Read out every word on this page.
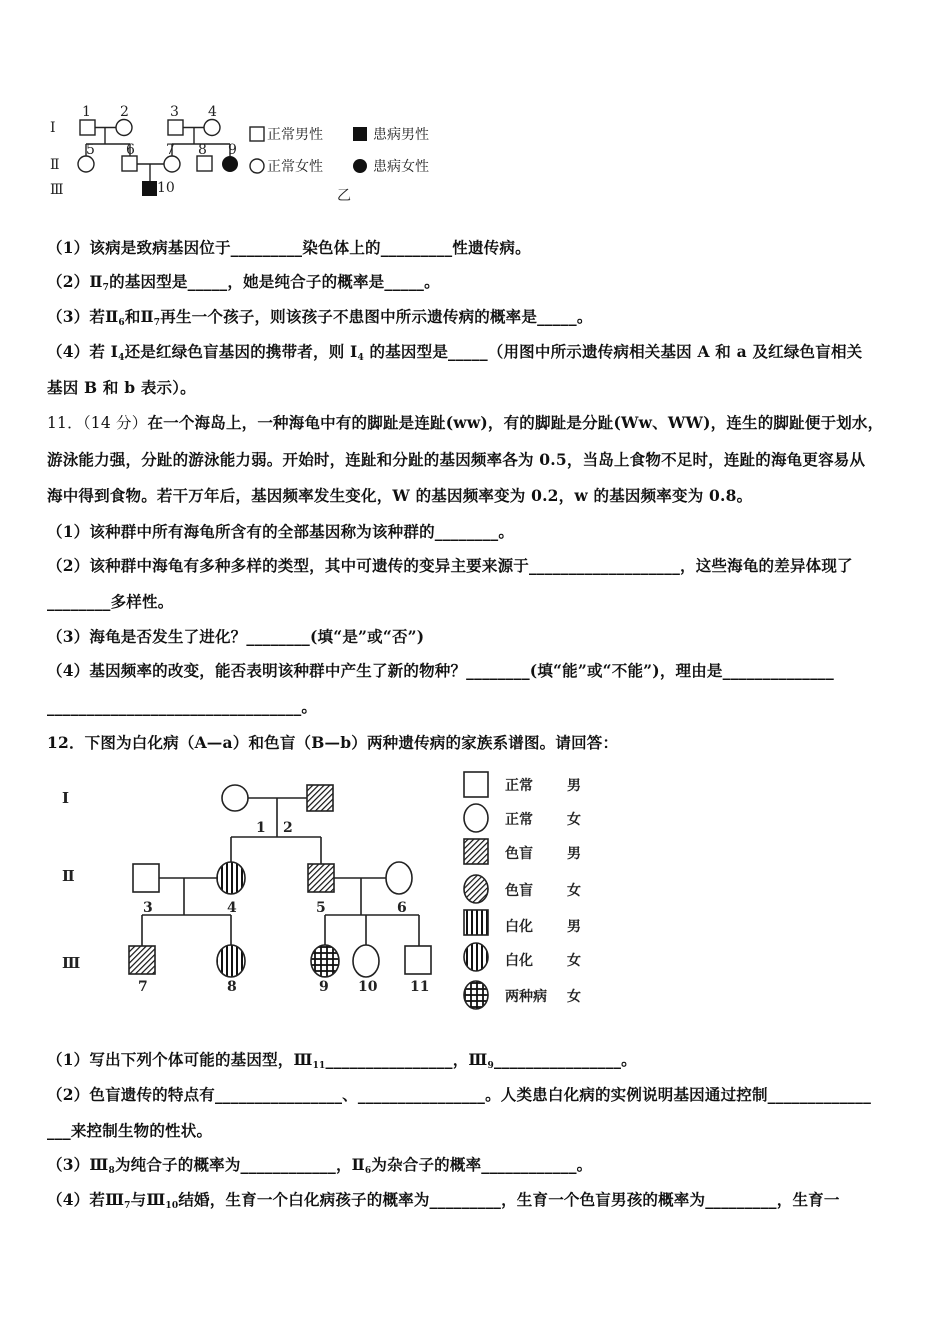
Ⅰ
Ⅱ
Ⅲ
1 2	3 4
5 6 7 8 9
10
正常男性	患病男性
正常女性	患病女性
乙
（1）该病是致病基因位于_________染色体上的_________性遗传病。
$(2)Ⅱ_7$的基因型是_____，她是纯合子的概率是_____。
（3）若$Ⅱ_6$和$Ⅱ_7$再生一个孩子，则该孩子不患图中所示遗传病的概率是_____。
（4）若 $I_4$还是红绿色盲基因的携带者，则 $I_4$ 的基因型是_____（用图中所示遗传病相关基因 A 和 a 及红绿色盲相关
基因 B 和 b 表示）。
11．（14 分）在一个海岛上，一种海龟中有的脚趾是连趾(ww)，有的脚趾是分趾(Ww、WW)，连生的脚趾便于划水，
游泳能力强，分趾的游泳能力弱。开始时，连趾和分趾的基因频率各为 0.5，当岛上食物不足时，连趾的海龟更容易从
海中得到食物。若干万年后，基因频率发生变化，W 的基因频率变为 0.2，w 的基因频率变为 0.8。
（1）该种群中所有海龟所含有的全部基因称为该种群的________。
（2）该种群中海龟有多种多样的类型，其中可遗传的变异主要来源于___________________，这些海龟的差异体现了
________多样性。
（3）海龟是否发生了进化？________(填“是”或“否”)
（4）基因频率的改变，能否表明该种群中产生了新的物种？________(填“能”或“不能”)，理由是______________
________________________________。
12．下图为白化病（A—a）和色盲（B—b）两种遗传病的家族系谱图。请回答：
Ⅰ
Ⅱ
Ⅲ
1 2
3	4	5	6
7	8	9 10 11
正常 男
正常 女
色盲 男
色盲 女
白化 男
白化 女
两种病 女
（1）写出下列个体可能的基因型，$Ⅲ_{11}\_\_\_\_\_\_\_\_\_\_\_\_\_\_\_\_$，$Ⅲ_9\_\_\_\_\_\_\_\_\_\_\_\_\_\_\_\_$。
（2）色盲遗传的特点有________________、________________。人类患白化病的实例说明基因通过控制_____________
___来控制生物的性状。
$(3)Ⅲ_8$为纯合子的概率为____________，$Ⅱ_6$为杂合子的概率____________。
（4）若$Ⅲ_7$与$Ⅲ_{10}$结婚，生育一个白化病孩子的概率为_________，生育一个色盲男孩的概率为_________，生育一
